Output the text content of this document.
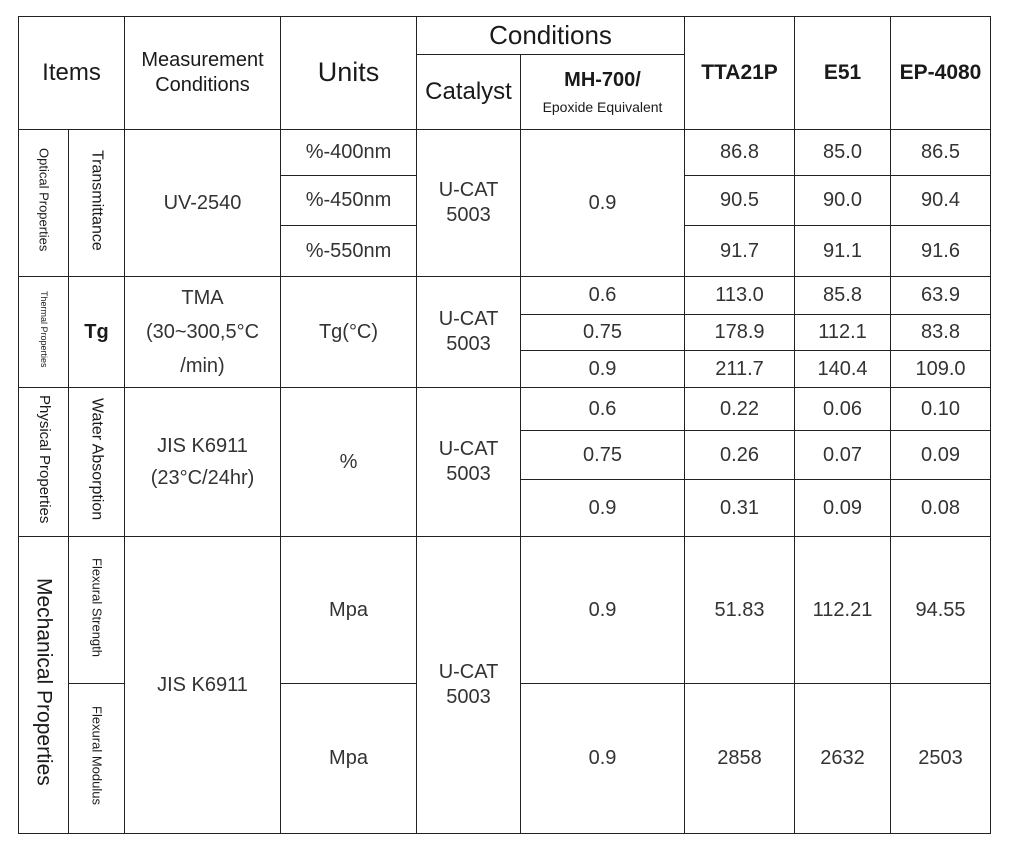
Items		Measurement Conditions	Units	Conditions		TTA21P	E51	EP-4080
				Catalyst	MH-700/
Epoxide Equivalent			

Optical Properties	Transmittance	UV-2540	%-400nm	U-CAT 5003	0.9	86.8	85.0	86.5
			%-450nm			90.5	90.0	90.4
			%-550nm			91.7	91.1	91.6
Thermal Properties	Tg	TMA (30~300,5°C /min)	Tg(°C)	U-CAT 5003	0.6	113.0	85.8	63.9
					0.75	178.9	112.1	83.8
					0.9	211.7	140.4	109.0
Physical Properties	Water Absorption	JIS K6911 (23°C/24hr)	%	U-CAT 5003	0.6	0.22	0.06	0.10
					0.75	0.26	0.07	0.09
					0.9	0.31	0.09	0.08
Mechanical Properties	Flexural Strength	JIS K6911	Mpa	U-CAT 5003	0.9	51.83	112.21	94.55
	Flexural Modulus		Mpa		0.9	2858	2632	2503
